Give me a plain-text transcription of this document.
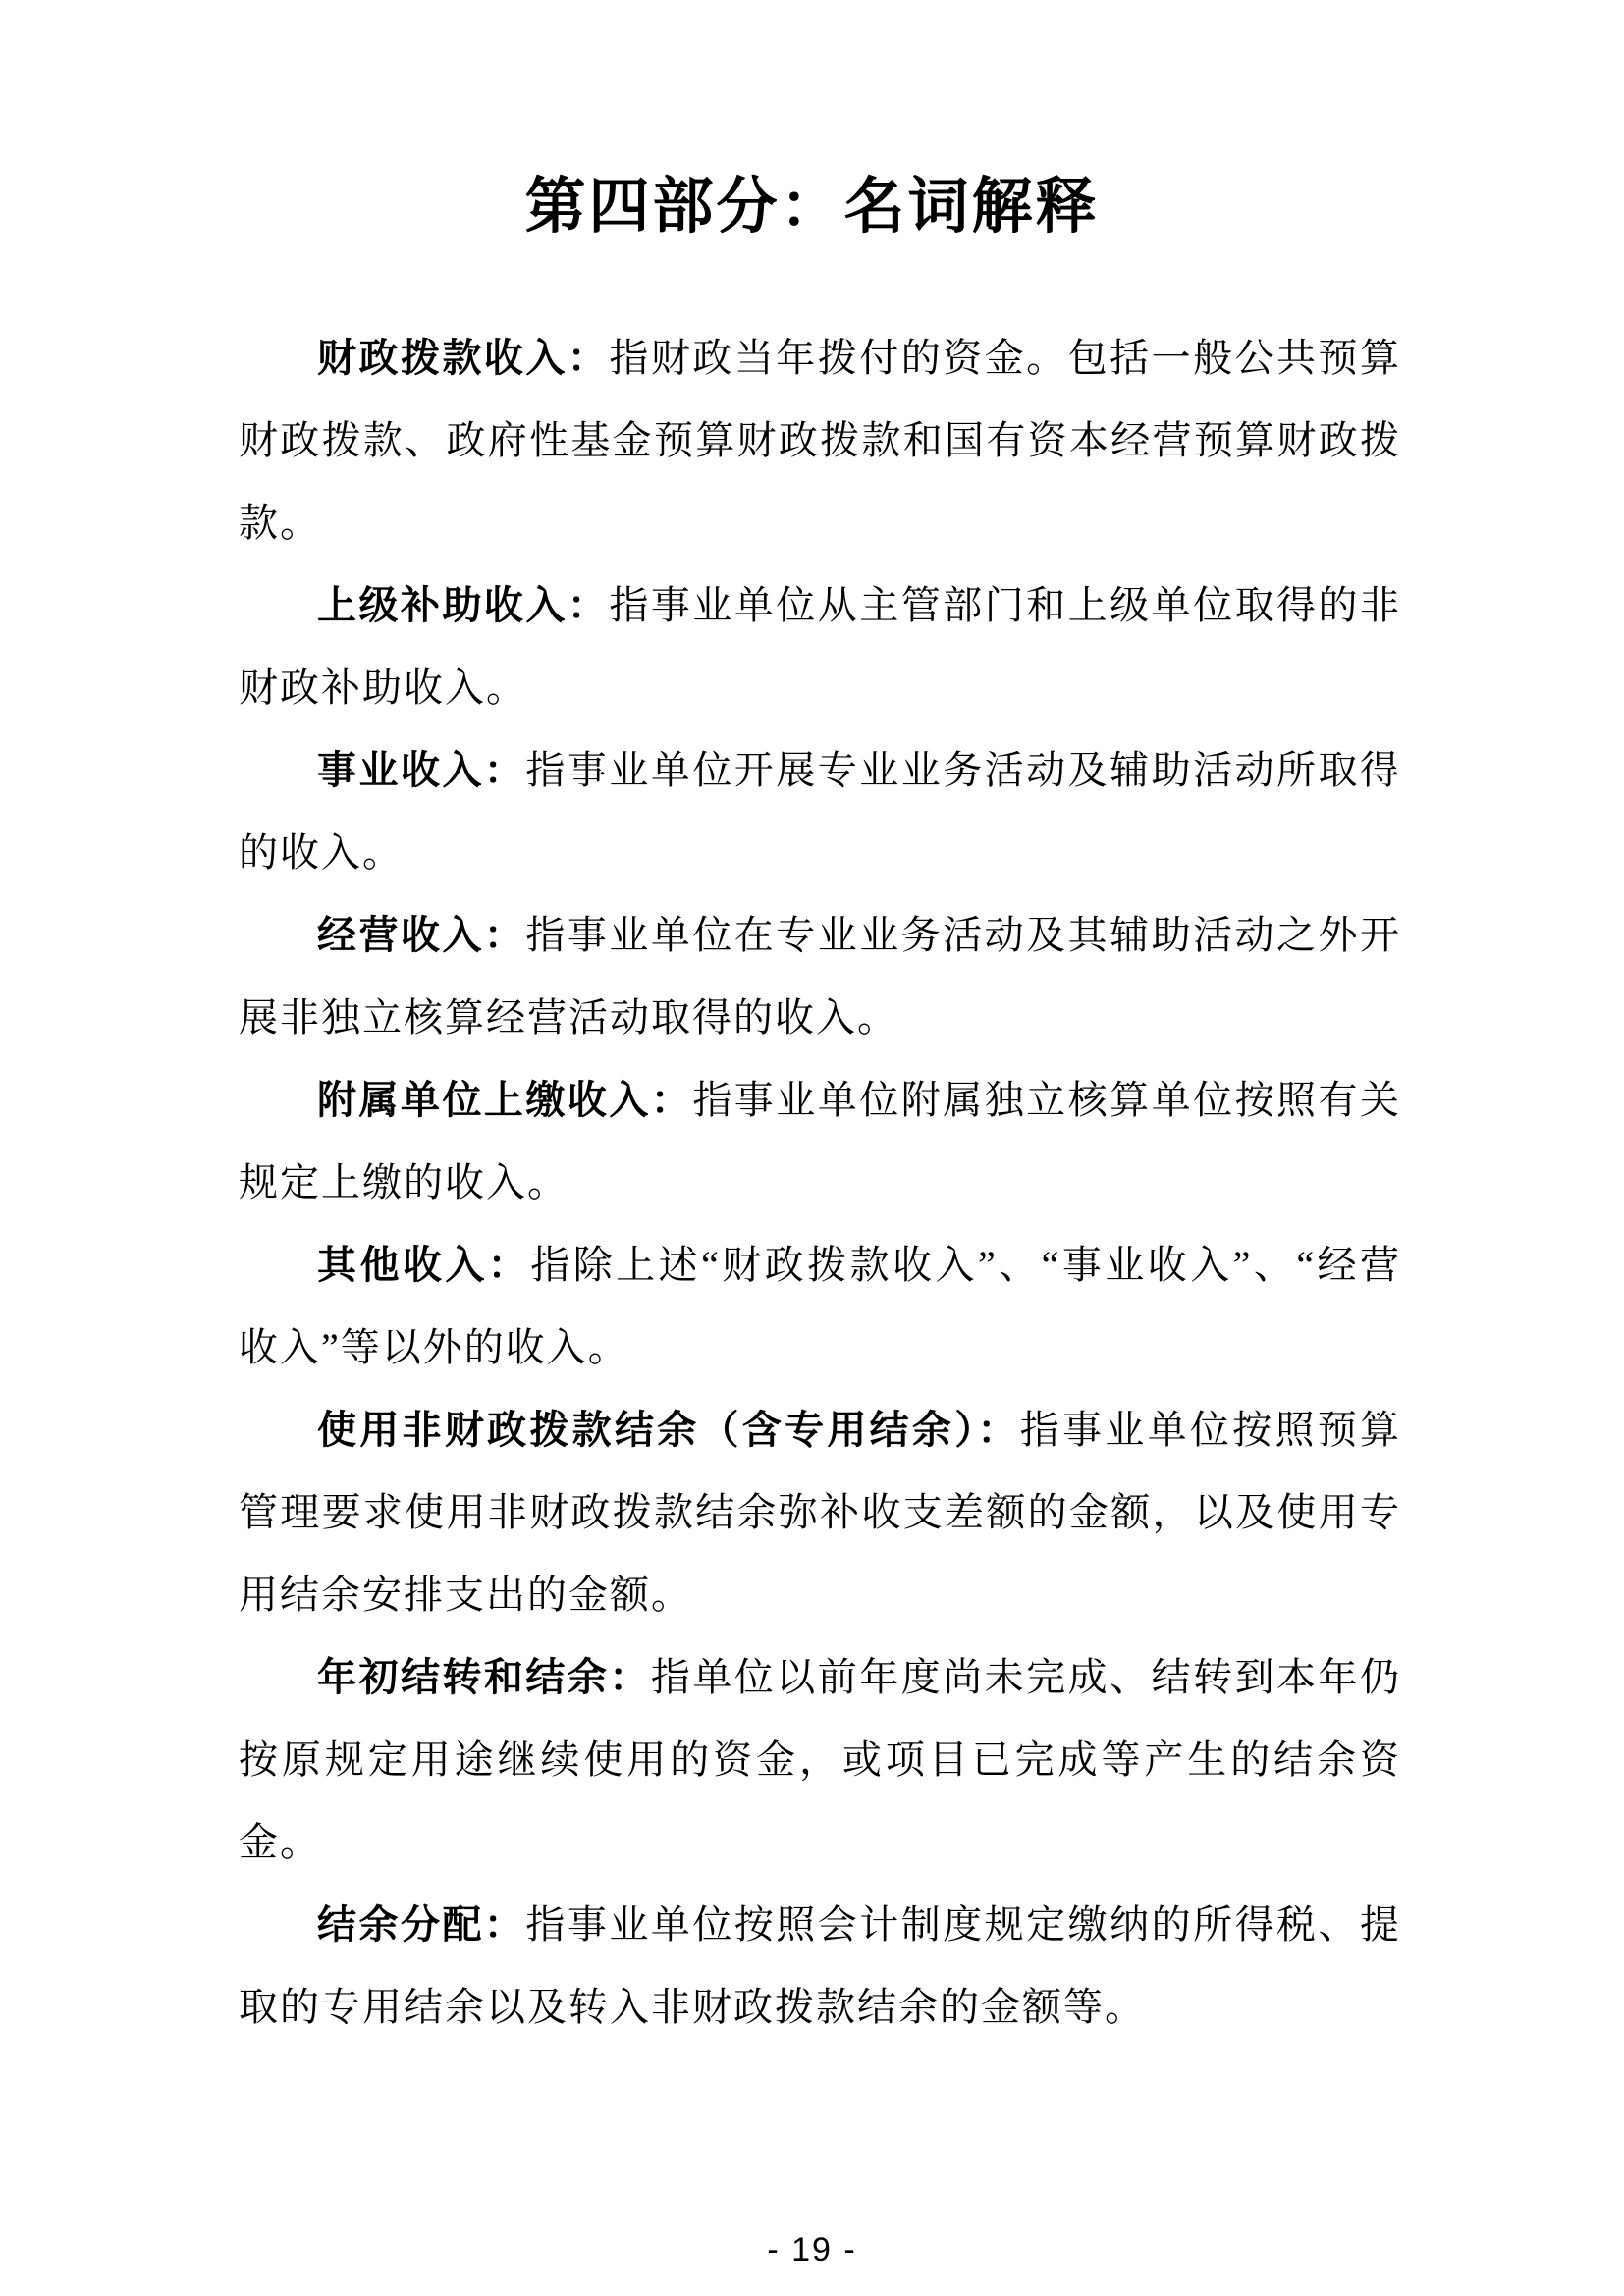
第四部分：名词解释

财政拨款收入：指财政当年拨付的资金。包括一般公共预算财政拨款、政府性基金预算财政拨款和国有资本经营预算财政拨款。

上级补助收入：指事业单位从主管部门和上级单位取得的非财政补助收入。

事业收入：指事业单位开展专业业务活动及辅助活动所取得的收入。

经营收入：指事业单位在专业业务活动及其辅助活动之外开展非独立核算经营活动取得的收入。

附属单位上缴收入：指事业单位附属独立核算单位按照有关规定上缴的收入。

其他收入：指除上述“财政拨款收入”、“事业收入”、“经营收入”等以外的收入。

使用非财政拨款结余（含专用结余）：指事业单位按照预算管理要求使用非财政拨款结余弥补收支差额的金额，以及使用专用结余安排支出的金额。

年初结转和结余：指单位以前年度尚未完成、结转到本年仍按原规定用途继续使用的资金，或项目已完成等产生的结余资金。

结余分配：指事业单位按照会计制度规定缴纳的所得税、提取的专用结余以及转入非财政拨款结余的金额等。

- 19 -
